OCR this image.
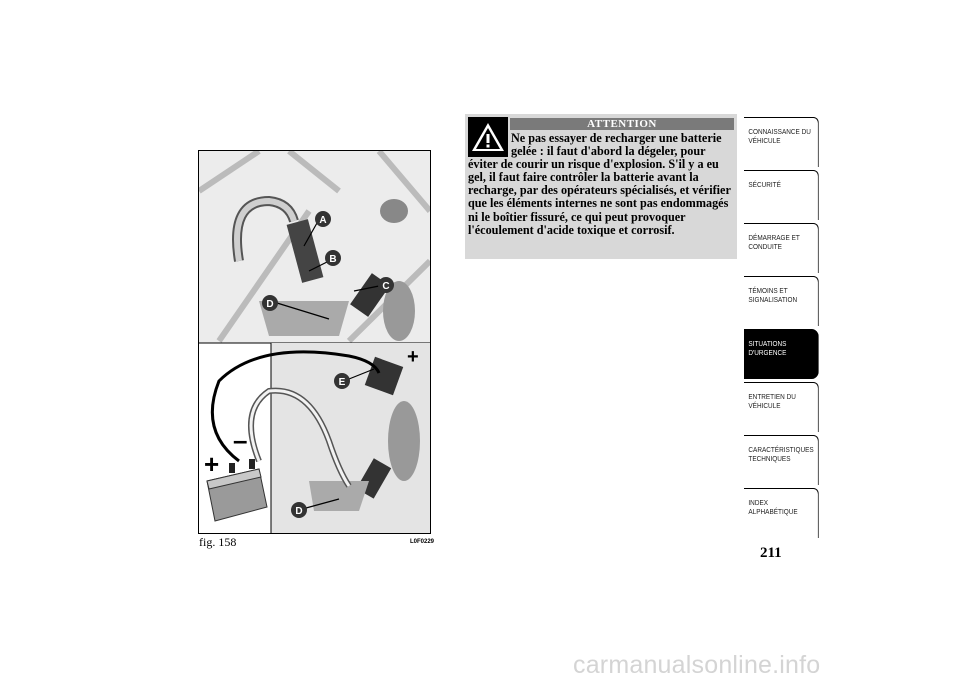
A
B
C
D
+
–
+
E
D
fig. 158	L0F0229
ATTENTION
Ne pas essayer de recharger une batterie gelée : il faut d'abord la dégeler, pour éviter de courir un risque d'explosion. S'il y a eu gel, il faut faire contrôler la batterie avant la recharge, par des opérateurs spécialisés, et vérifier que les éléments internes ne sont pas endommagés ni le boîtier fissuré, ce qui peut provoquer l'écoulement d'acide toxique et corrosif.
CONNAISSANCE DU VÉHICULE
SÉCURITÉ
DÉMARRAGE ET CONDUITE
TÉMOINS ET SIGNALISATION
SITUATIONS D'URGENCE
ENTRETIEN DU VÉHICULE
CARACTÉRISTIQUES TECHNIQUES
INDEX ALPHABÉTIQUE
211
carmanualsonline.info
